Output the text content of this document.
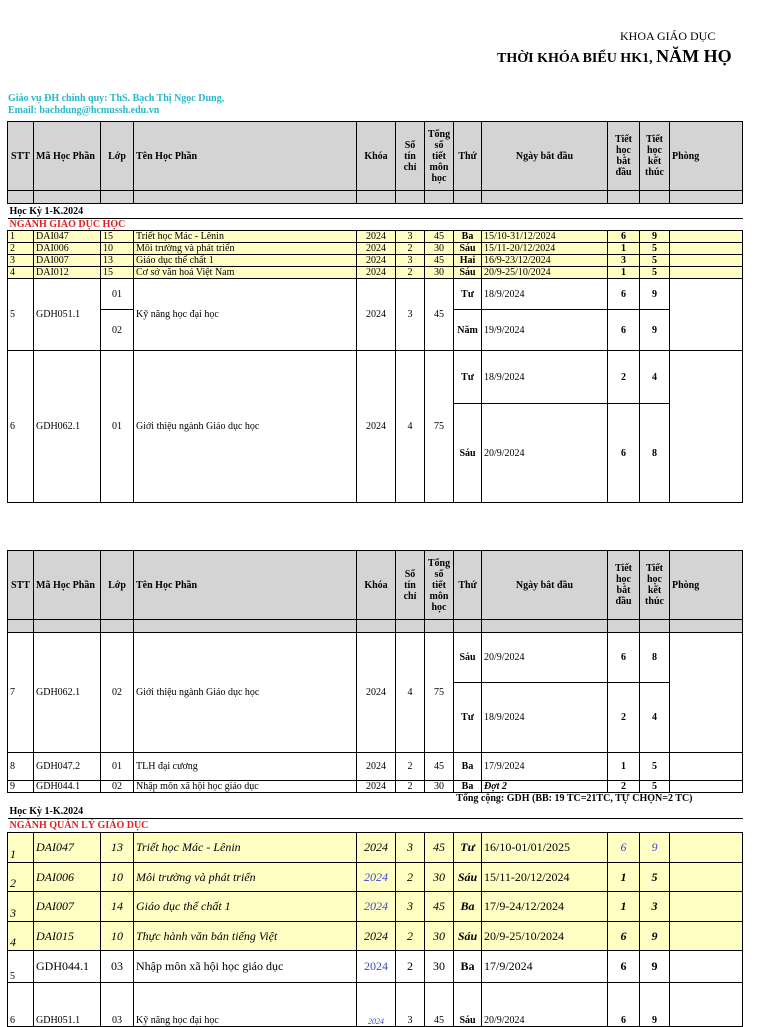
KHOA GIÁO DỤC
THỜI KHÓA BIỂU HK1, NĂM HỌ
Giáo vụ ĐH chính quy: ThS. Bạch Thị Ngọc Dung,
Email: bachdung@hcmussh.edu.vn
STT	Mã Học Phần	Lớp	Tên Học Phần	Khóa	Số tín chỉ	Tổng số tiết môn học	Thứ	Ngày bắt đầu	Tiết học bắt đầu	Tiết học kết thúc	Phòng

Học Kỳ 1-K.2024											
NGÀNH GIÁO DỤC HỌC											
1	DAI047	15	Triết học Mác - Lênin	2024	3	45	Ba	15/10-31/12/2024	6	9	
2	DAI006	10	Môi trường và phát triển	2024	2	30	Sáu	15/11-20/12/2024	1	5	
3	DAI007	13	Giáo dục thể chất 1	2024	3	45	Hai	16/9-23/12/2024	3	5	
4	DAI012	15	Cơ sở văn hoá Việt Nam	2024	2	30	Sáu	20/9-25/10/2024	1	5	
5	GDH051.1	01	Kỹ năng học đại học	2024	3	45	Tư	18/9/2024	6	9	
		02					Năm	19/9/2024	6	9	
6	GDH062.1	01	Giới thiệu ngành Giáo dục học	2024	4	75	Tư	18/9/2024	2	4	
							Sáu	20/9/2024	6	8	
STT	Mã Học Phần	Lớp	Tên Học Phần	Khóa	Số tín chỉ	Tổng số tiết môn học	Thứ	Ngày bắt đầu	Tiết học bắt đầu	Tiết học kết thúc	Phòng

7	GDH062.1	02	Giới thiệu ngành Giáo dục học	2024	4	75	Sáu	20/9/2024	6	8	
							Tư	18/9/2024	2	4	
8	GDH047.2	01	TLH đại cương	2024	2	45	Ba	17/9/2024	1	5	
9	GDH044.1	02	Nhập môn xã hội học giáo dục	2024	2	30	Ba	Đợt 2	2	5	
Tổng cộng: GDH (BB: 19 TC=21TC, TỰ CHỌN=2 TC)											
Học Kỳ 1-K.2024											
NGÀNH QUẢN LÝ GIÁO DỤC											
1	DAI047	13	Triết học Mác - Lênin	2024	3	45	Tư	16/10-01/01/2025	6	9	
2	DAI006	10	Môi trường và phát triển	2024	2	30	Sáu	15/11-20/12/2024	1	5	
3	DAI007	14	Giáo dục thể chất 1	2024	3	45	Ba	17/9-24/12/2024	1	3	
4	DAI015	10	Thực hành văn bản tiếng Việt	2024	2	30	Sáu	20/9-25/10/2024	6	9	
5	GDH044.1	03	Nhập môn xã hội học giáo dục	2024	2	30	Ba	17/9/2024	6	9	
6	GDH051.1	03	Kỹ năng học đại học	2024	3	45	Sáu	20/9/2024	6	9	
